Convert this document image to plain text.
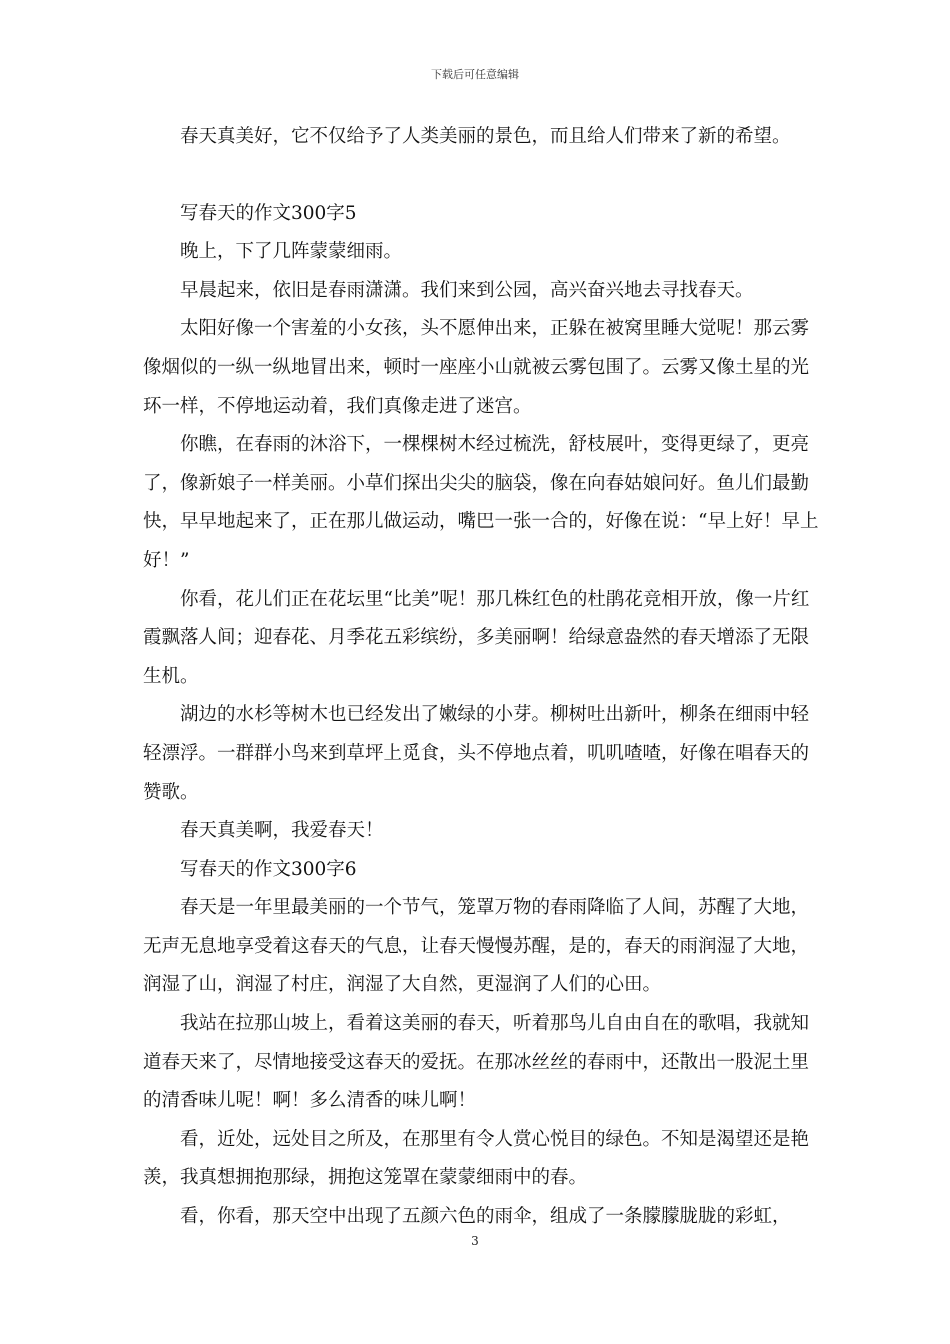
下载后可任意编辑

春天真美好，它不仅给予了人类美丽的景色，而且给人们带来了新的希望。

写春天的作文300字5

晚上，下了几阵蒙蒙细雨。

早晨起来，依旧是春雨潇潇。我们来到公园，高兴奋兴地去寻找春天。

太阳好像一个害羞的小女孩，头不愿伸出来，正躲在被窝里睡大觉呢！那云雾像烟似的一纵一纵地冒出来，顿时一座座小山就被云雾包围了。云雾又像土星的光环一样，不停地运动着，我们真像走进了迷宫。

你瞧，在春雨的沐浴下，一棵棵树木经过梳洗，舒枝展叶，变得更绿了，更亮了，像新娘子一样美丽。小草们探出尖尖的脑袋，像在向春姑娘问好。鱼儿们最勤快，早早地起来了，正在那儿做运动，嘴巴一张一合的，好像在说：“早上好！早上好！”

你看，花儿们正在花坛里“比美”呢！那几株红色的杜鹃花竞相开放，像一片红霞飘落人间；迎春花、月季花五彩缤纷，多美丽啊！给绿意盎然的春天增添了无限生机。

湖边的水杉等树木也已经发出了嫩绿的小芽。柳树吐出新叶，柳条在细雨中轻轻漂浮。一群群小鸟来到草坪上觅食，头不停地点着，叽叽喳喳，好像在唱春天的赞歌。

春天真美啊，我爱春天！

写春天的作文300字6

春天是一年里最美丽的一个节气，笼罩万物的春雨降临了人间，苏醒了大地，无声无息地享受着这春天的气息，让春天慢慢苏醒，是的，春天的雨润湿了大地，润湿了山，润湿了村庄，润湿了大自然，更湿润了人们的心田。

我站在拉那山坡上，看着这美丽的春天，听着那鸟儿自由自在的歌唱，我就知道春天来了，尽情地接受这春天的爱抚。在那冰丝丝的春雨中，还散出一股泥土里的清香味儿呢！啊！多么清香的味儿啊！

看，近处，远处目之所及，在那里有令人赏心悦目的绿色。不知是渴望还是艳羡，我真想拥抱那绿，拥抱这笼罩在蒙蒙细雨中的春。

看，你看，那天空中出现了五颜六色的雨伞，组成了一条朦朦胧胧的彩虹，

3
